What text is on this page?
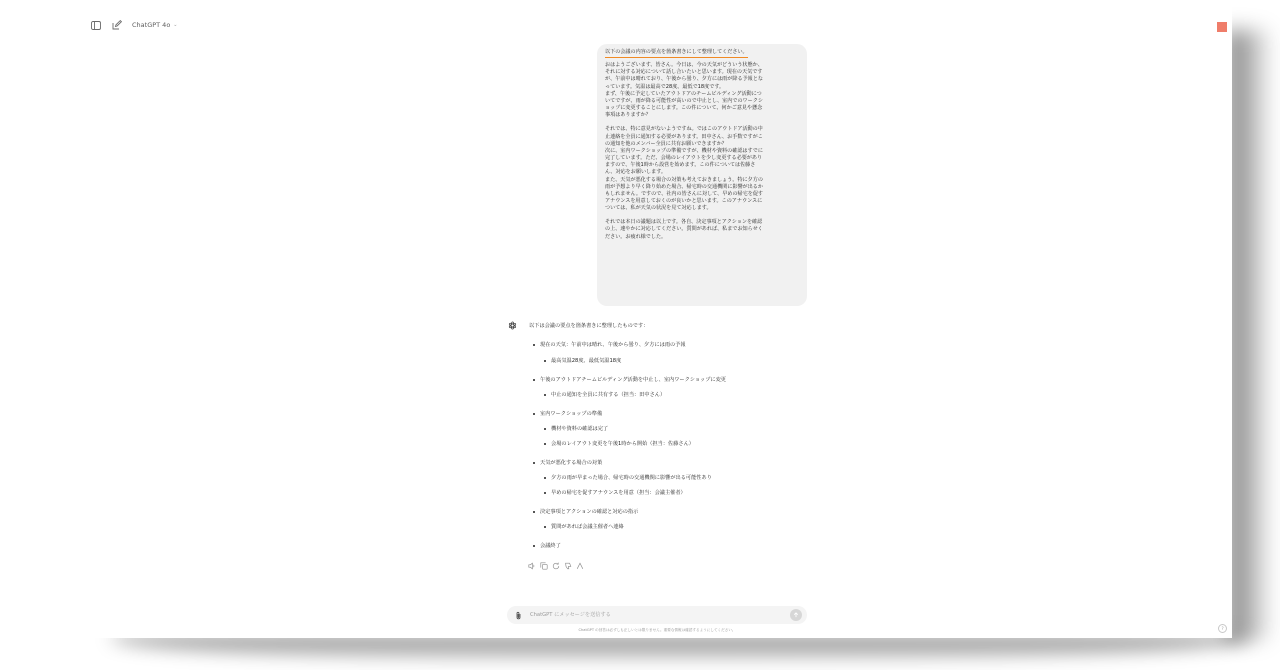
ChatGPT 4o ⌄
以下の会議の内容の要点を箇条書きにして整理してください。

おはようございます、皆さん。今日は、今の天気がどういう状態か、
それに対する対応について話し合いたいと思います。現在の天気です
が、午前中は晴れており、午後から曇り、夕方には雨が降る予報とな
っています。気温は最高で28度、最低で18度です。
まず、午後に予定していたアウトドアのチームビルディング活動につ
いてですが、雨が降る可能性が高いので中止とし、室内でのワークシ
ョップに変更することにします。この件について、何かご意見や懸念
事項はありますか？

それでは、特に意見がないようですね。ではこのアウトドア活動の中
止連絡を全員に通知する必要があります。田中さん、お手数ですがこ
の通知を他のメンバー全員に共有お願いできますか？
次に、室内ワークショップの準備ですが、機材や資料の確認はすでに
完了しています。ただ、会場のレイアウトを少し変更する必要があり
ますので、午後1時から設営を始めます。この件については佐藤さ
ん、対応をお願いします。
また、天気が悪化する場合の対策も考えておきましょう。特に夕方の
雨が予想より早く降り始めた場合、帰宅時の交通機関に影響が出るか
もしれません。ですので、社内の皆さんに対して、早めの帰宅を促す
アナウンスを用意しておくのが良いかと思います。このアナウンスに
ついては、私が天気の状況を見て対応します。

それでは本日の議題は以上です。各自、決定事項とアクションを確認
の上、速やかに対応してください。質問があれば、私までお知らせく
ださい。お疲れ様でした。

以下は会議の要点を箇条書きに整理したものです：
現在の天気：午前中は晴れ、午後から曇り、夕方には雨の予報
最高気温28度、最低気温18度
午後のアウトドアチームビルディング活動を中止し、室内ワークショップに変更
中止の通知を全員に共有する（担当：田中さん）
室内ワークショップの準備
機材や資料の確認は完了
会場のレイアウト変更を午後1時から開始（担当：佐藤さん）
天気が悪化する場合の対策
夕方の雨が早まった場合、帰宅時の交通機関に影響が出る可能性あり
早めの帰宅を促すアナウンスを用意（担当：会議主催者）
決定事項とアクションの確認と対応の指示
質問があれば会議主催者へ連絡
会議終了
ChatGPT にメッセージを送信する
ChatGPT の回答は必ずしも正しいとは限りません。重要な情報は確認するようにしてください。	?
